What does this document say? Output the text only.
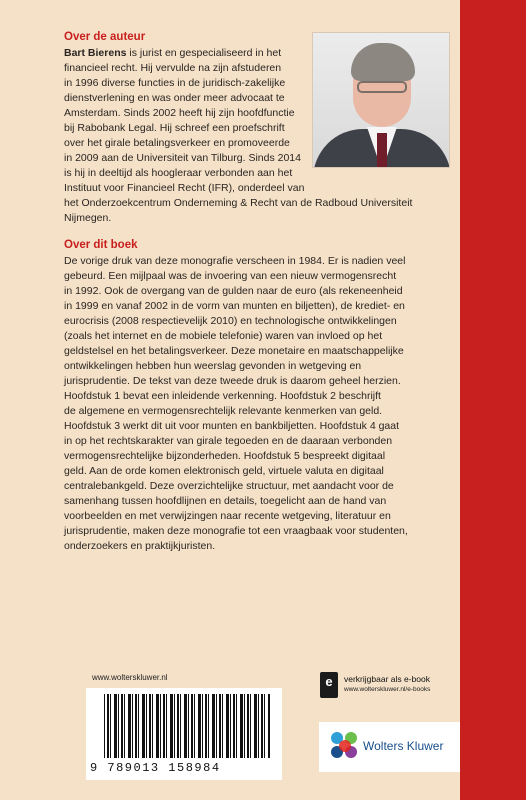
Over de auteur
Bart Bierens is jurist en gespecialiseerd in het
financieel recht. Hij vervulde na zijn afstuderen
in 1996 diverse functies in de juridisch-zakelijke
dienstverlening en was onder meer advocaat te
Amsterdam. Sinds 2002 heeft hij zijn hoofdfunctie
bij Rabobank Legal. Hij schreef een proefschrift
over het girale betalingsverkeer en promoveerde
in 2009 aan de Universiteit van Tilburg. Sinds 2014
is hij in deeltijd als hoogleraar verbonden aan het
Instituut voor Financieel Recht (IFR), onderdeel van
het Onderzoekcentrum Onderneming & Recht van de Radboud Universiteit
Nijmegen.
Over dit boek
De vorige druk van deze monografie verscheen in 1984. Er is nadien veel
gebeurd. Een mijlpaal was de invoering van een nieuw vermogensrecht
in 1992. Ook de overgang van de gulden naar de euro (als rekeneenheid
in 1999 en vanaf 2002 in de vorm van munten en biljetten), de krediet- en
eurocrisis (2008 respectievelijk 2010) en technologische ontwikkelingen
(zoals het internet en de mobiele telefonie) waren van invloed op het
geldstelsel en het betalingsverkeer. Deze monetaire en maatschappelijke
ontwikkelingen hebben hun weerslag gevonden in wetgeving en
jurisprudentie. De tekst van deze tweede druk is daarom geheel herzien.
Hoofdstuk 1 bevat een inleidende verkenning. Hoofdstuk 2 beschrijft
de algemene en vermogensrechtelijk relevante kenmerken van geld.
Hoofdstuk 3 werkt dit uit voor munten en bankbiljetten. Hoofdstuk 4 gaat
in op het rechtskarakter van girale tegoeden en de daaraan verbonden
vermogensrechtelijke bijzonderheden. Hoofdstuk 5 bespreekt digitaal
geld. Aan de orde komen elektronisch geld, virtuele valuta en digitaal
centralebankgeld. Deze overzichtelijke structuur, met aandacht voor de
samenhang tussen hoofdlijnen en details, toegelicht aan de hand van
voorbeelden en met verwijzingen naar recente wetgeving, literatuur en
jurisprudentie, maken deze monografie tot een vraagbaak voor studenten,
onderzoekers en praktijkjuristen.
www.wolterskluwer.nl
9 789013 158984
e	verkrijgbaar als e-book
www.wolterskluwer.nl/e-books
Wolters Kluwer
